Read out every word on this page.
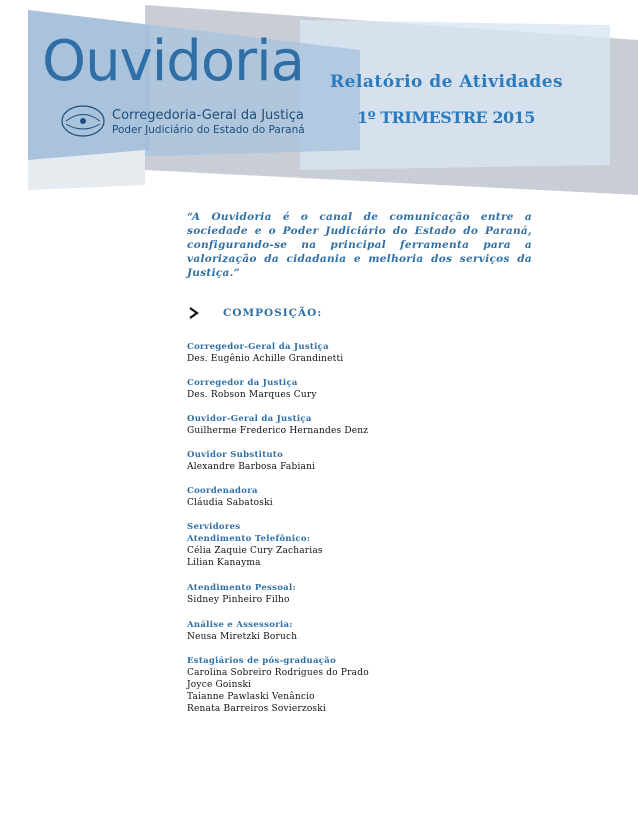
Ouvidoria
Corregedoria-Geral da Justiça
Poder Judiciário do Estado do Paraná
Relatório de Atividades
1º TRIMESTRE 2015
“A Ouvidoria é o canal de comunicação entre a sociedade e o Poder Judiciário do Estado do Paraná, configurando-se na principal ferramenta para a valorização da cidadania e melhoria dos serviços da Justiça.”
COMPOSIÇÃO:
Corregedor-Geral da Justiça
Des. Eugênio Achille Grandinetti
Corregedor da Justiça
Des. Robson Marques Cury
Ouvidor-Geral da Justiça
Guilherme Frederico Hernandes Denz
Ouvidor Substituto
Alexandre Barbosa Fabiani
Coordenadora
Cláudia Sabatoski
Servidores
Atendimento Telefônico:
Célia Zaquie Cury Zacharias
Lilian Kanayma
Atendimento Pessoal:
Sidney Pinheiro Filho
Análise e Assessoria:
Neusa Miretzki Boruch
Estagiários de pós-graduação
Carolina Sobreiro Rodrigues do Prado
Joyce Goinski
Taianne Pawlaski Venâncio
Renata Barreiros Sovierzoski
